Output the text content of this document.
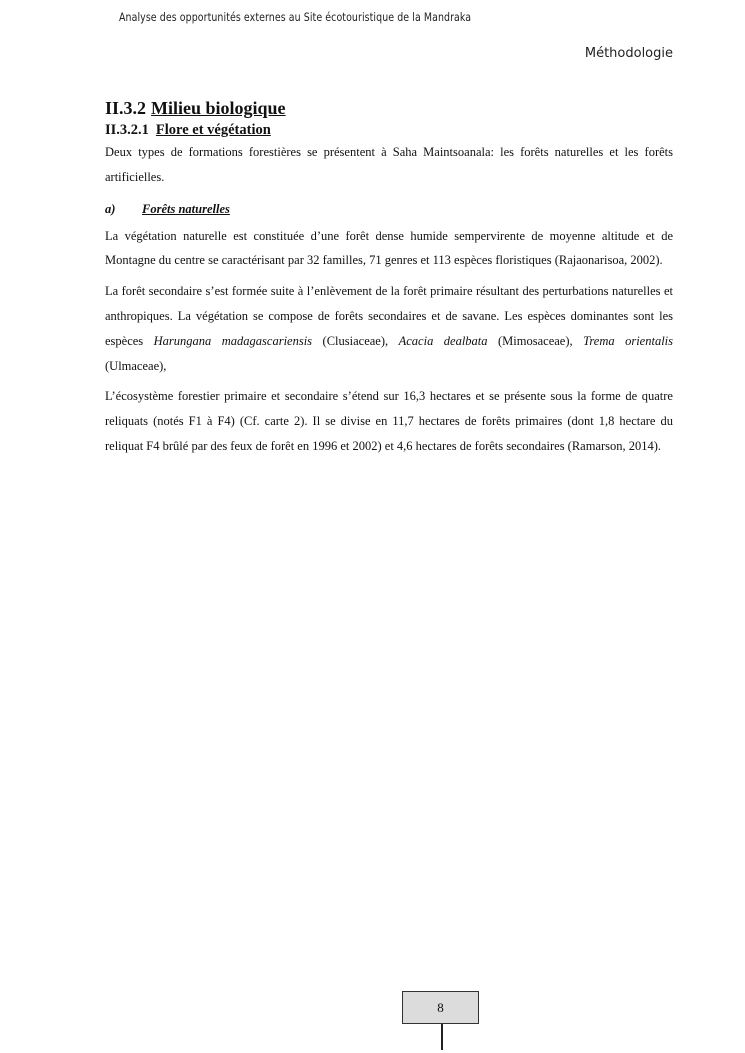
Analyse des opportunités externes au Site écotouristique de la Mandraka
Méthodologie
II.3.2 Milieu biologique
II.3.2.1 Flore et végétation

Deux types de formations forestières se présentent à Saha Maintsoanala: les forêts naturelles et les forêts artificielles.

a) Forêts naturelles

La végétation naturelle est constituée d’une forêt dense humide sempervirente de moyenne altitude et de Montagne du centre se caractérisant par 32 familles, 71 genres et 113 espèces floristiques (Rajaonarisoa, 2002).

La forêt secondaire s’est formée suite à l’enlèvement de la forêt primaire résultant des perturbations naturelles et anthropiques. La végétation se compose de forêts secondaires et de savane. Les espèces dominantes sont les espèces Harungana madagascariensis (Clusiaceae), Acacia dealbata (Mimosaceae), Trema orientalis (Ulmaceae),

L’écosystème forestier primaire et secondaire s’étend sur 16,3 hectares et se présente sous la forme de quatre reliquats (notés F1 à F4) (Cf. carte 2). Il se divise en 11,7 hectares de forêts primaires (dont 1,8 hectare du reliquat F4 brûlé par des feux de forêt en 1996 et 2002) et 4,6 hectares de forêts secondaires (Ramarson, 2014).

8
